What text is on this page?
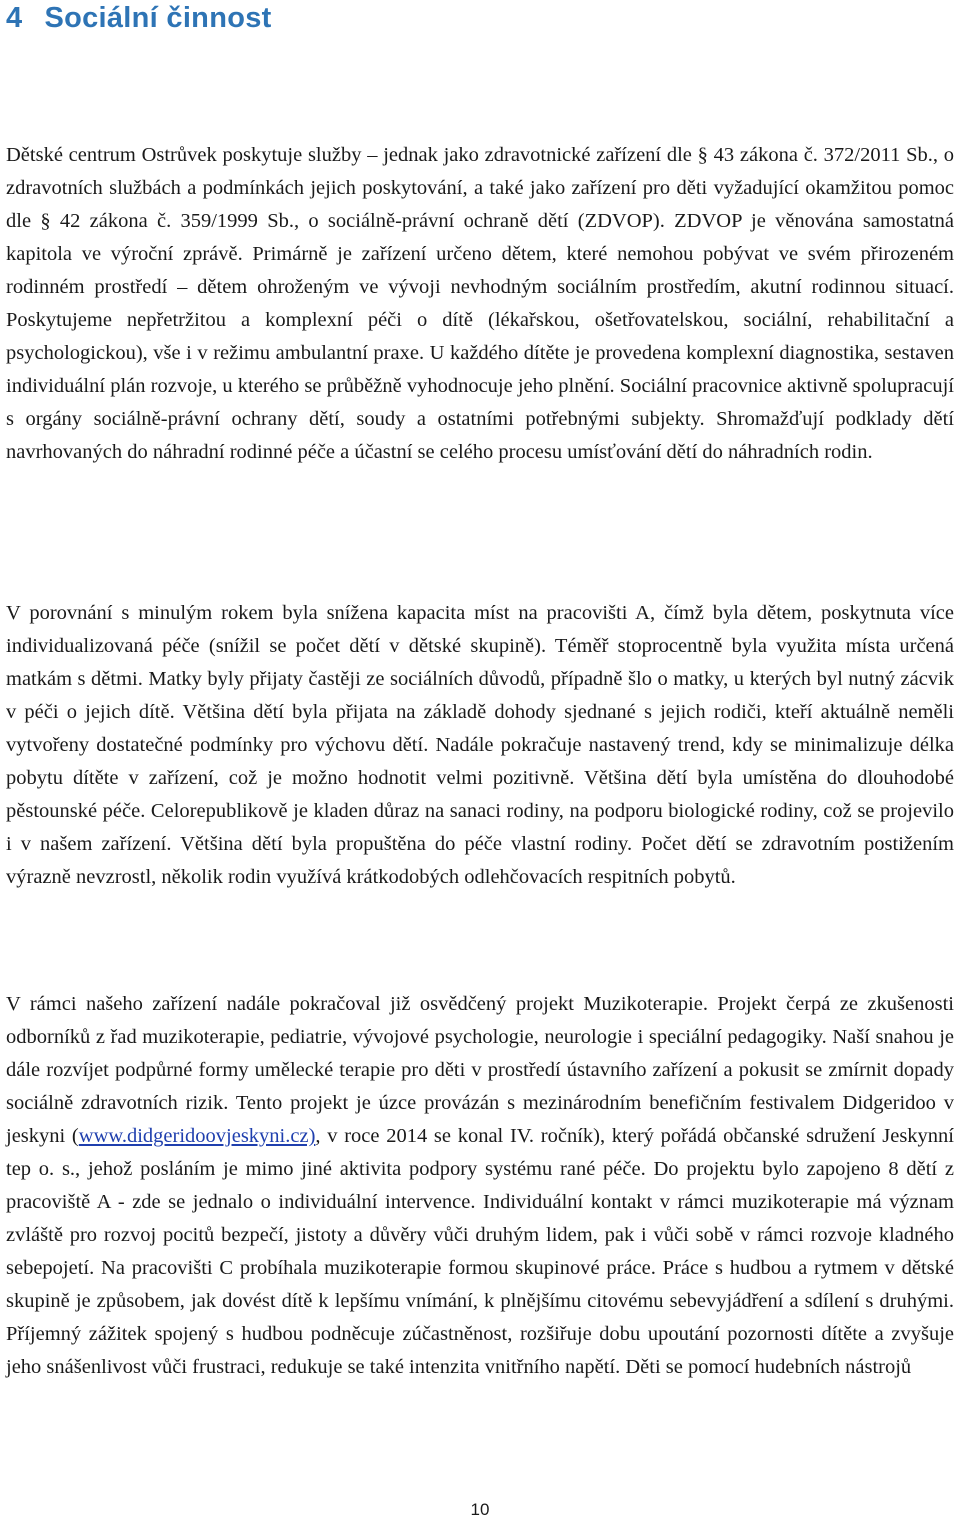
4 Sociální činnost

Dětské centrum Ostrůvek poskytuje služby – jednak jako zdravotnické zařízení dle § 43 zákona č. 372/2011 Sb., o zdravotních službách a podmínkách jejich poskytování, a také jako zařízení pro děti vyžadující okamžitou pomoc dle § 42 zákona č. 359/1999 Sb., o sociálně-právní ochraně dětí (ZDVOP). ZDVOP je věnována samostatná kapitola ve výroční zprávě. Primárně je zařízení určeno dětem, které nemohou pobývat ve svém přirozeném rodinném prostředí – dětem ohroženým ve vývoji nevhodným sociálním prostředím, akutní rodinnou situací. Poskytujeme nepřetržitou a komplexní péči o dítě (lékařskou, ošetřovatelskou, sociální, rehabilitační a psychologickou), vše i v režimu ambulantní praxe. U každého dítěte je provedena komplexní diagnostika, sestaven individuální plán rozvoje, u kterého se průběžně vyhodnocuje jeho plnění. Sociální pracovnice aktivně spolupracují s orgány sociálně-právní ochrany dětí, soudy a ostatními potřebnými subjekty. Shromažďují podklady dětí navrhovaných do náhradní rodinné péče a účastní se celého procesu umísťování dětí do náhradních rodin.

V porovnání s minulým rokem byla snížena kapacita míst na pracovišti A, čímž byla dětem, poskytnuta více individualizovaná péče (snížil se počet dětí v dětské skupině). Téměř stoprocentně byla využita místa určená matkám s dětmi. Matky byly přijaty častěji ze sociálních důvodů, případně šlo o matky, u kterých byl nutný zácvik v péči o jejich dítě. Většina dětí byla přijata na základě dohody sjednané s jejich rodiči, kteří aktuálně neměli vytvořeny dostatečné podmínky pro výchovu dětí. Nadále pokračuje nastavený trend, kdy se minimalizuje délka pobytu dítěte v zařízení, což je možno hodnotit velmi pozitivně. Většina dětí byla umístěna do dlouhodobé pěstounské péče. Celorepublikově je kladen důraz na sanaci rodiny, na podporu biologické rodiny, což se projevilo i v našem zařízení. Většina dětí byla propuštěna do péče vlastní rodiny. Počet dětí se zdravotním postižením výrazně nevzrostl, několik rodin využívá krátkodobých odlehčovacích respitních pobytů.

V rámci našeho zařízení nadále pokračoval již osvědčený projekt Muzikoterapie. Projekt čerpá ze zkušenosti odborníků z řad muzikoterapie, pediatrie, vývojové psychologie, neurologie i speciální pedagogiky. Naší snahou je dále rozvíjet podpůrné formy umělecké terapie pro děti v prostředí ústavního zařízení a pokusit se zmírnit dopady sociálně zdravotních rizik. Tento projekt je úzce provázán s mezinárodním benefičním festivalem Didgeridoo v jeskyni (www.didgeridoovjeskyni.cz), v roce 2014 se konal IV. ročník), který pořádá občanské sdružení Jeskynní tep o. s., jehož posláním je mimo jiné aktivita podpory systému rané péče. Do projektu bylo zapojeno 8 dětí z pracoviště A - zde se jednalo o individuální intervence. Individuální kontakt v rámci muzikoterapie má význam zvláště pro rozvoj pocitů bezpečí, jistoty a důvěry vůči druhým lidem, pak i vůči sobě v rámci rozvoje kladného sebepojetí. Na pracovišti C probíhala muzikoterapie formou skupinové práce. Práce s hudbou a rytmem v dětské skupině je způsobem, jak dovést dítě k lepšímu vnímání, k plnějšímu citovému sebevyjádření a sdílení s druhými. Příjemný zážitek spojený s hudbou podněcuje zúčastněnost, rozšiřuje dobu upoutání pozornosti dítěte a zvyšuje jeho snášenlivost vůči frustraci, redukuje se také intenzita vnitřního napětí. Děti se pomocí hudebních nástrojů

10
